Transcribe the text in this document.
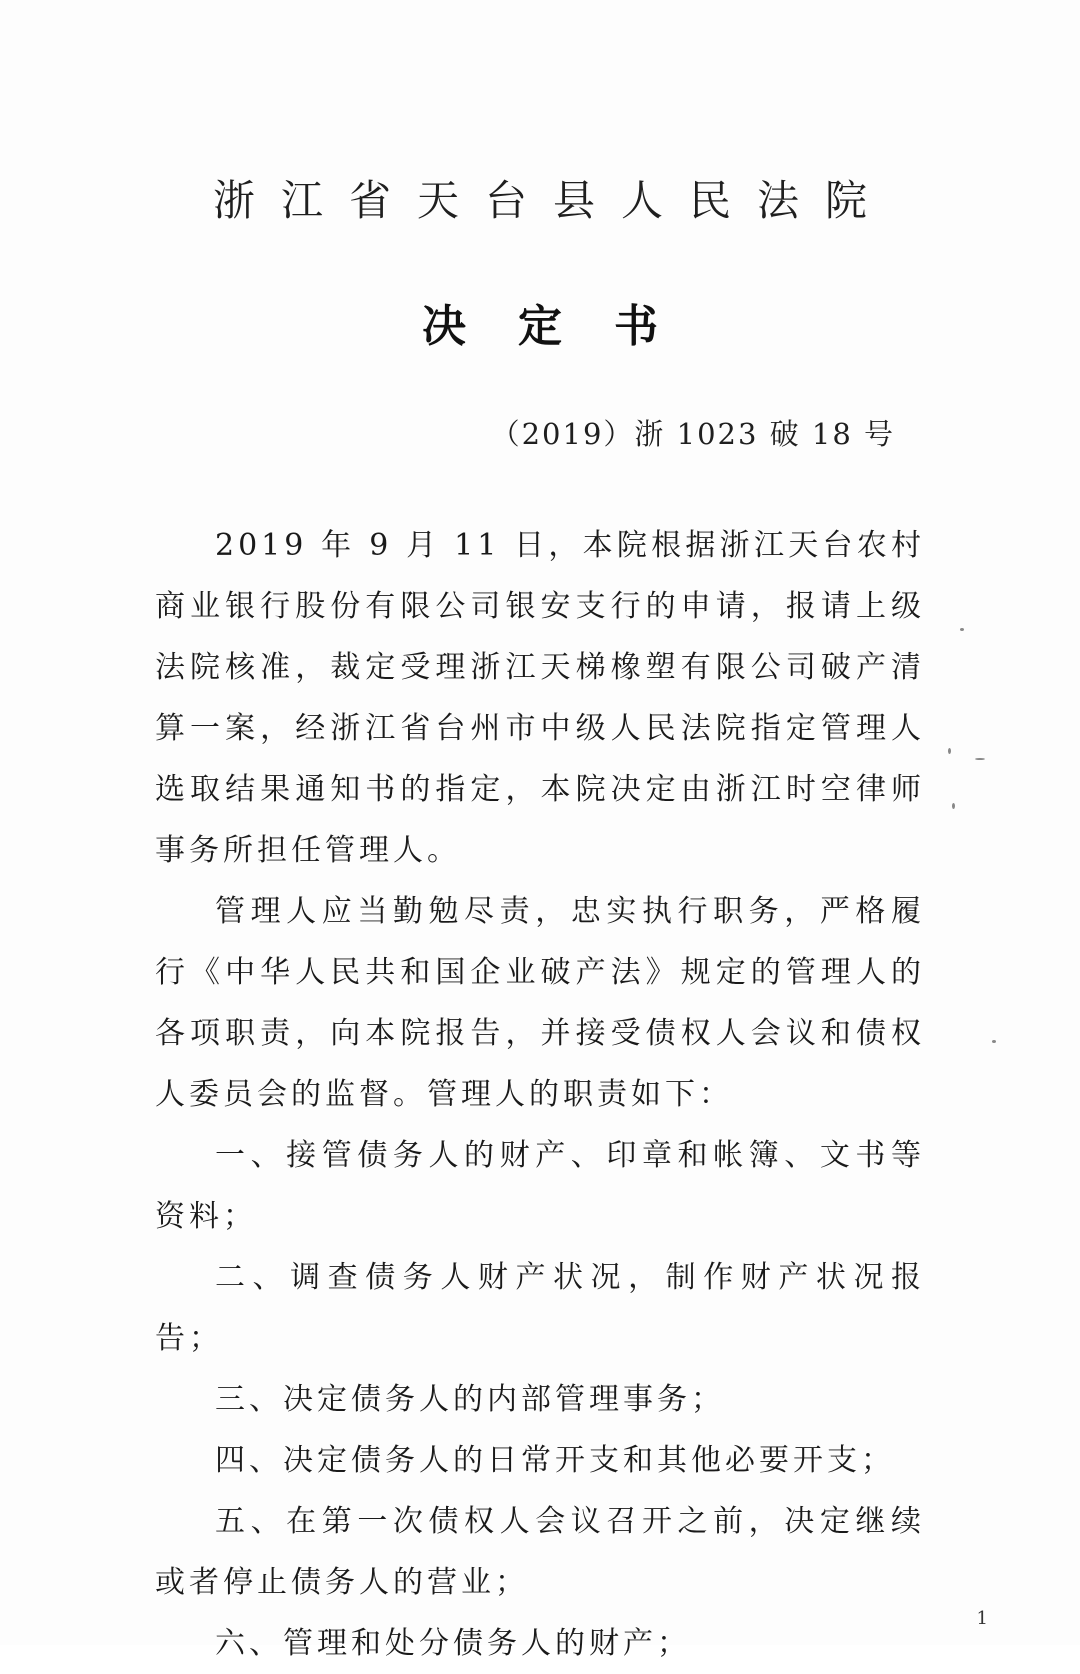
浙江省天台县人民法院
决定书
（2019）浙 1023 破 18 号

2019 年 9 月 11 日，本院根据浙江天台农村商业银行股份有限公司银安支行的申请，报请上级法院核准，裁定受理浙江天梯橡塑有限公司破产清算一案，经浙江省台州市中级人民法院指定管理人选取结果通知书的指定，本院决定由浙江时空律师事务所担任管理人。

管理人应当勤勉尽责，忠实执行职务，严格履行《中华人民共和国企业破产法》规定的管理人的各项职责，向本院报告，并接受债权人会议和债权人委员会的监督。管理人的职责如下：

一、接管债务人的财产、印章和帐簿、文书等资料；

二、调查债务人财产状况，制作财产状况报告；

三、决定债务人的内部管理事务；

四、决定债务人的日常开支和其他必要开支；

五、在第一次债权人会议召开之前，决定继续或者停止债务人的营业；

六、管理和处分债务人的财产；

1
